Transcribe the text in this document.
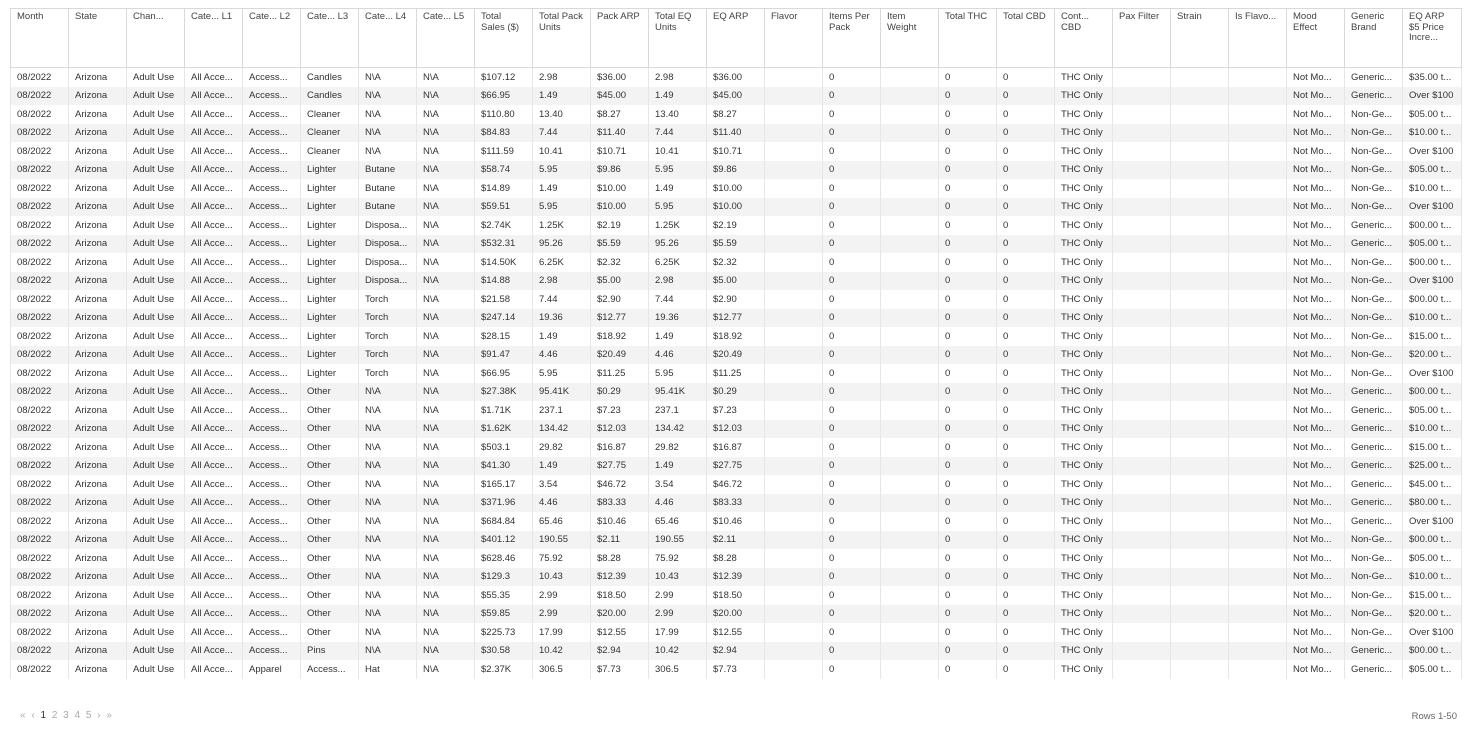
Month	State	Chan...	Cate... L1	Cate... L2	Cate... L3	Cate... L4	Cate... L5	Total Sales ($)	Total Pack Units	Pack ARP	Total EQ Units	EQ ARP	Flavor	Items Per Pack	Item Weight	Total THC	Total CBD	Cont... CBD	Pax Filter	Strain	Is Flavo...	Mood Effect	Generic Brand	EQ ARP $5 Price Incre...
08/2022	Arizona	Adult Use	All Acce...	Access...	Candles	N\A	N\A	$107.12	2.98	$36.00	2.98	$36.00		0		0	0	THC Only				Not Mo...	Generic...	$35.00 t...
08/2022	Arizona	Adult Use	All Acce...	Access...	Candles	N\A	N\A	$66.95	1.49	$45.00	1.49	$45.00		0		0	0	THC Only				Not Mo...	Generic...	Over $100
08/2022	Arizona	Adult Use	All Acce...	Access...	Cleaner	N\A	N\A	$110.80	13.40	$8.27	13.40	$8.27		0		0	0	THC Only				Not Mo...	Non-Ge...	$05.00 t...
08/2022	Arizona	Adult Use	All Acce...	Access...	Cleaner	N\A	N\A	$84.83	7.44	$11.40	7.44	$11.40		0		0	0	THC Only				Not Mo...	Non-Ge...	$10.00 t...
08/2022	Arizona	Adult Use	All Acce...	Access...	Cleaner	N\A	N\A	$111.59	10.41	$10.71	10.41	$10.71		0		0	0	THC Only				Not Mo...	Non-Ge...	Over $100
08/2022	Arizona	Adult Use	All Acce...	Access...	Lighter	Butane	N\A	$58.74	5.95	$9.86	5.95	$9.86		0		0	0	THC Only				Not Mo...	Non-Ge...	$05.00 t...
08/2022	Arizona	Adult Use	All Acce...	Access...	Lighter	Butane	N\A	$14.89	1.49	$10.00	1.49	$10.00		0		0	0	THC Only				Not Mo...	Non-Ge...	$10.00 t...
08/2022	Arizona	Adult Use	All Acce...	Access...	Lighter	Butane	N\A	$59.51	5.95	$10.00	5.95	$10.00		0		0	0	THC Only				Not Mo...	Non-Ge...	Over $100
08/2022	Arizona	Adult Use	All Acce...	Access...	Lighter	Disposa...	N\A	$2.74K	1.25K	$2.19	1.25K	$2.19		0		0	0	THC Only				Not Mo...	Generic...	$00.00 t...
08/2022	Arizona	Adult Use	All Acce...	Access...	Lighter	Disposa...	N\A	$532.31	95.26	$5.59	95.26	$5.59		0		0	0	THC Only				Not Mo...	Generic...	$05.00 t...
08/2022	Arizona	Adult Use	All Acce...	Access...	Lighter	Disposa...	N\A	$14.50K	6.25K	$2.32	6.25K	$2.32		0		0	0	THC Only				Not Mo...	Non-Ge...	$00.00 t...
08/2022	Arizona	Adult Use	All Acce...	Access...	Lighter	Disposa...	N\A	$14.88	2.98	$5.00	2.98	$5.00		0		0	0	THC Only				Not Mo...	Non-Ge...	Over $100
08/2022	Arizona	Adult Use	All Acce...	Access...	Lighter	Torch	N\A	$21.58	7.44	$2.90	7.44	$2.90		0		0	0	THC Only				Not Mo...	Non-Ge...	$00.00 t...
08/2022	Arizona	Adult Use	All Acce...	Access...	Lighter	Torch	N\A	$247.14	19.36	$12.77	19.36	$12.77		0		0	0	THC Only				Not Mo...	Non-Ge...	$10.00 t...
08/2022	Arizona	Adult Use	All Acce...	Access...	Lighter	Torch	N\A	$28.15	1.49	$18.92	1.49	$18.92		0		0	0	THC Only				Not Mo...	Non-Ge...	$15.00 t...
08/2022	Arizona	Adult Use	All Acce...	Access...	Lighter	Torch	N\A	$91.47	4.46	$20.49	4.46	$20.49		0		0	0	THC Only				Not Mo...	Non-Ge...	$20.00 t...
08/2022	Arizona	Adult Use	All Acce...	Access...	Lighter	Torch	N\A	$66.95	5.95	$11.25	5.95	$11.25		0		0	0	THC Only				Not Mo...	Non-Ge...	Over $100
08/2022	Arizona	Adult Use	All Acce...	Access...	Other	N\A	N\A	$27.38K	95.41K	$0.29	95.41K	$0.29		0		0	0	THC Only				Not Mo...	Generic...	$00.00 t...
08/2022	Arizona	Adult Use	All Acce...	Access...	Other	N\A	N\A	$1.71K	237.1	$7.23	237.1	$7.23		0		0	0	THC Only				Not Mo...	Generic...	$05.00 t...
08/2022	Arizona	Adult Use	All Acce...	Access...	Other	N\A	N\A	$1.62K	134.42	$12.03	134.42	$12.03		0		0	0	THC Only				Not Mo...	Generic...	$10.00 t...
08/2022	Arizona	Adult Use	All Acce...	Access...	Other	N\A	N\A	$503.1	29.82	$16.87	29.82	$16.87		0		0	0	THC Only				Not Mo...	Generic...	$15.00 t...
08/2022	Arizona	Adult Use	All Acce...	Access...	Other	N\A	N\A	$41.30	1.49	$27.75	1.49	$27.75		0		0	0	THC Only				Not Mo...	Generic...	$25.00 t...
08/2022	Arizona	Adult Use	All Acce...	Access...	Other	N\A	N\A	$165.17	3.54	$46.72	3.54	$46.72		0		0	0	THC Only				Not Mo...	Generic...	$45.00 t...
08/2022	Arizona	Adult Use	All Acce...	Access...	Other	N\A	N\A	$371.96	4.46	$83.33	4.46	$83.33		0		0	0	THC Only				Not Mo...	Generic...	$80.00 t...
08/2022	Arizona	Adult Use	All Acce...	Access...	Other	N\A	N\A	$684.84	65.46	$10.46	65.46	$10.46		0		0	0	THC Only				Not Mo...	Generic...	Over $100
08/2022	Arizona	Adult Use	All Acce...	Access...	Other	N\A	N\A	$401.12	190.55	$2.11	190.55	$2.11		0		0	0	THC Only				Not Mo...	Non-Ge...	$00.00 t...
08/2022	Arizona	Adult Use	All Acce...	Access...	Other	N\A	N\A	$628.46	75.92	$8.28	75.92	$8.28		0		0	0	THC Only				Not Mo...	Non-Ge...	$05.00 t...
08/2022	Arizona	Adult Use	All Acce...	Access...	Other	N\A	N\A	$129.3	10.43	$12.39	10.43	$12.39		0		0	0	THC Only				Not Mo...	Non-Ge...	$10.00 t...
08/2022	Arizona	Adult Use	All Acce...	Access...	Other	N\A	N\A	$55.35	2.99	$18.50	2.99	$18.50		0		0	0	THC Only				Not Mo...	Non-Ge...	$15.00 t...
08/2022	Arizona	Adult Use	All Acce...	Access...	Other	N\A	N\A	$59.85	2.99	$20.00	2.99	$20.00		0		0	0	THC Only				Not Mo...	Non-Ge...	$20.00 t...
08/2022	Arizona	Adult Use	All Acce...	Access...	Other	N\A	N\A	$225.73	17.99	$12.55	17.99	$12.55		0		0	0	THC Only				Not Mo...	Non-Ge...	Over $100
08/2022	Arizona	Adult Use	All Acce...	Access...	Pins	N\A	N\A	$30.58	10.42	$2.94	10.42	$2.94		0		0	0	THC Only				Not Mo...	Generic...	$00.00 t...
08/2022	Arizona	Adult Use	All Acce...	Apparel	Access...	Hat	N\A	$2.37K	306.5	$7.73	306.5	$7.73		0		0	0	THC Only				Not Mo...	Generic...	$05.00 t...
« ‹ 1 2 3 4 5 › »	Rows 1-50
